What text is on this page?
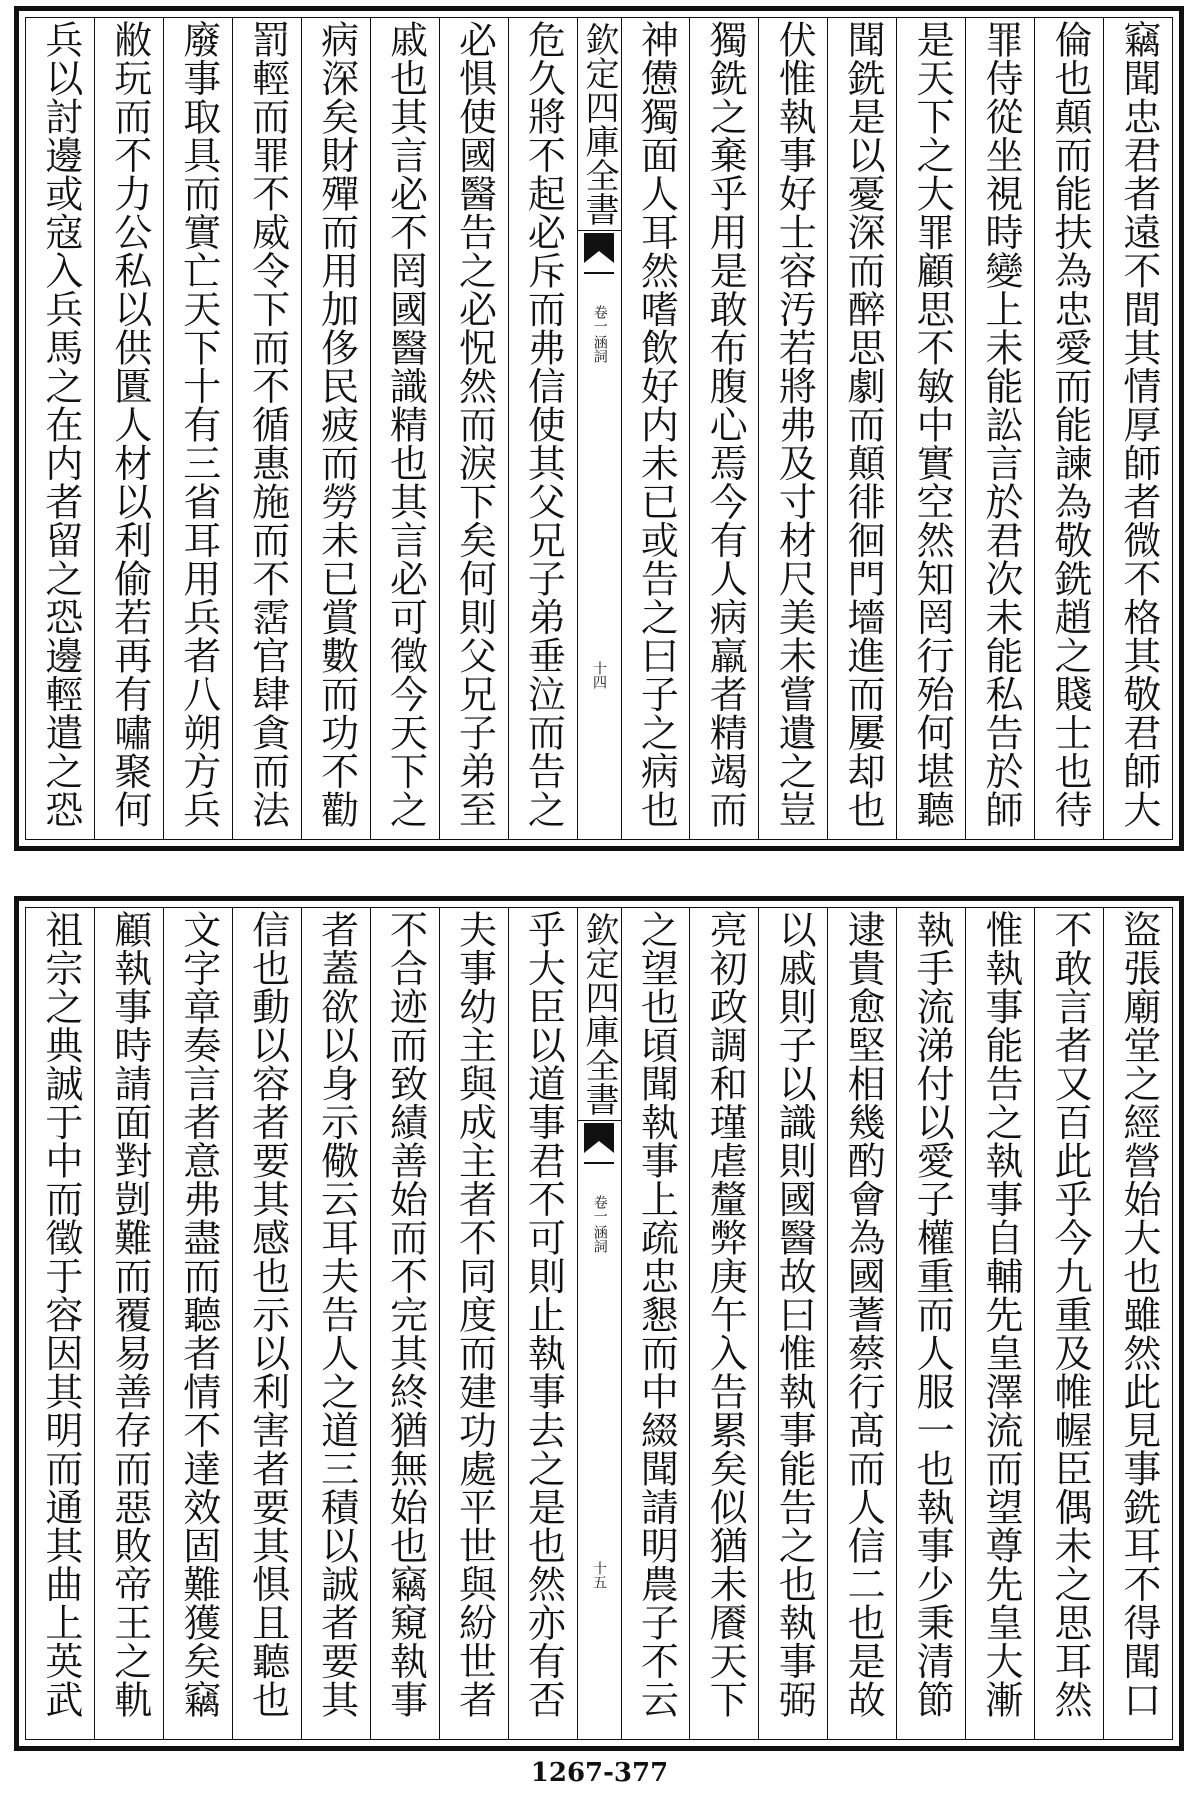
竊聞忠君者遠不間其情厚師者微不格其敬君師大
倫也顛而能扶為忠愛而能諫為敬銑趙之賤士也待
罪侍從坐視時變上未能訟言於君次未能私告於師
是天下之大罪顧思不敏中實空然知罔行殆何堪聽
聞銑是以憂深而醉思劇而顛徘徊門墻進而屢却也
伏惟執事好士容汚若將弗及寸材尺美未嘗遺之豈
獨銑之棄乎用是敢布腹心焉今有人病羸者精竭而
神憊獨面人耳然嗜飲好内未已或告之曰子之病也
欽定四庫全書
涵詞
卷一
十四
危久將不起必斥而弗信使其父兄子弟垂泣而告之
必惧使國醫告之必怳然而淚下矣何則父兄子弟至
戚也其言必不罔國醫識精也其言必可徵今天下之
病深矣財殫而用加侈民疲而勞未已賞數而功不勸
罰輕而罪不威令下而不循惠施而不霑官肆貪而法
廢事取具而實亡天下十有三省耳用兵者八朔方兵
敝玩而不力公私以供匱人材以利偷若再有嘯聚何
兵以討邊或寇入兵馬之在内者留之恐邊輕遣之恐
盜張廟堂之經營始大也雖然此見事銑耳不得聞口
不敢言者又百此乎今九重及帷幄臣偶未之思耳然
惟執事能告之執事自輔先皇澤流而望尊先皇大漸
執手流涕付以愛子權重而人服一也執事少秉清節
逮貴愈堅相幾酌會為國蓍蔡行髙而人信二也是故
以戚則子以識則國醫故曰惟執事能告之也執事弼
亮初政調和瑾虐釐弊庚午入告累矣似猶未餍天下
之望也頃聞執事上疏忠懇而中綴聞請明農子不云
欽定四庫全書
涵詞
卷一
十五
乎大臣以道事君不可則止執事去之是也然亦有否
夫事幼主與成主者不同度而建功處平世與紛世者
不合迹而致績善始而不完其終猶無始也竊窺執事
者蓋欲以身示儆云耳夫告人之道三積以誠者要其
信也動以容者要其感也示以利害者要其惧且聽也
文字章奏言者意弗盡而聽者情不達效固難獲矣竊
顧執事時請面對剴難而覆易善存而惡敗帝王之軌
祖宗之典誠于中而徵于容因其明而通其曲上英武
1267-377
